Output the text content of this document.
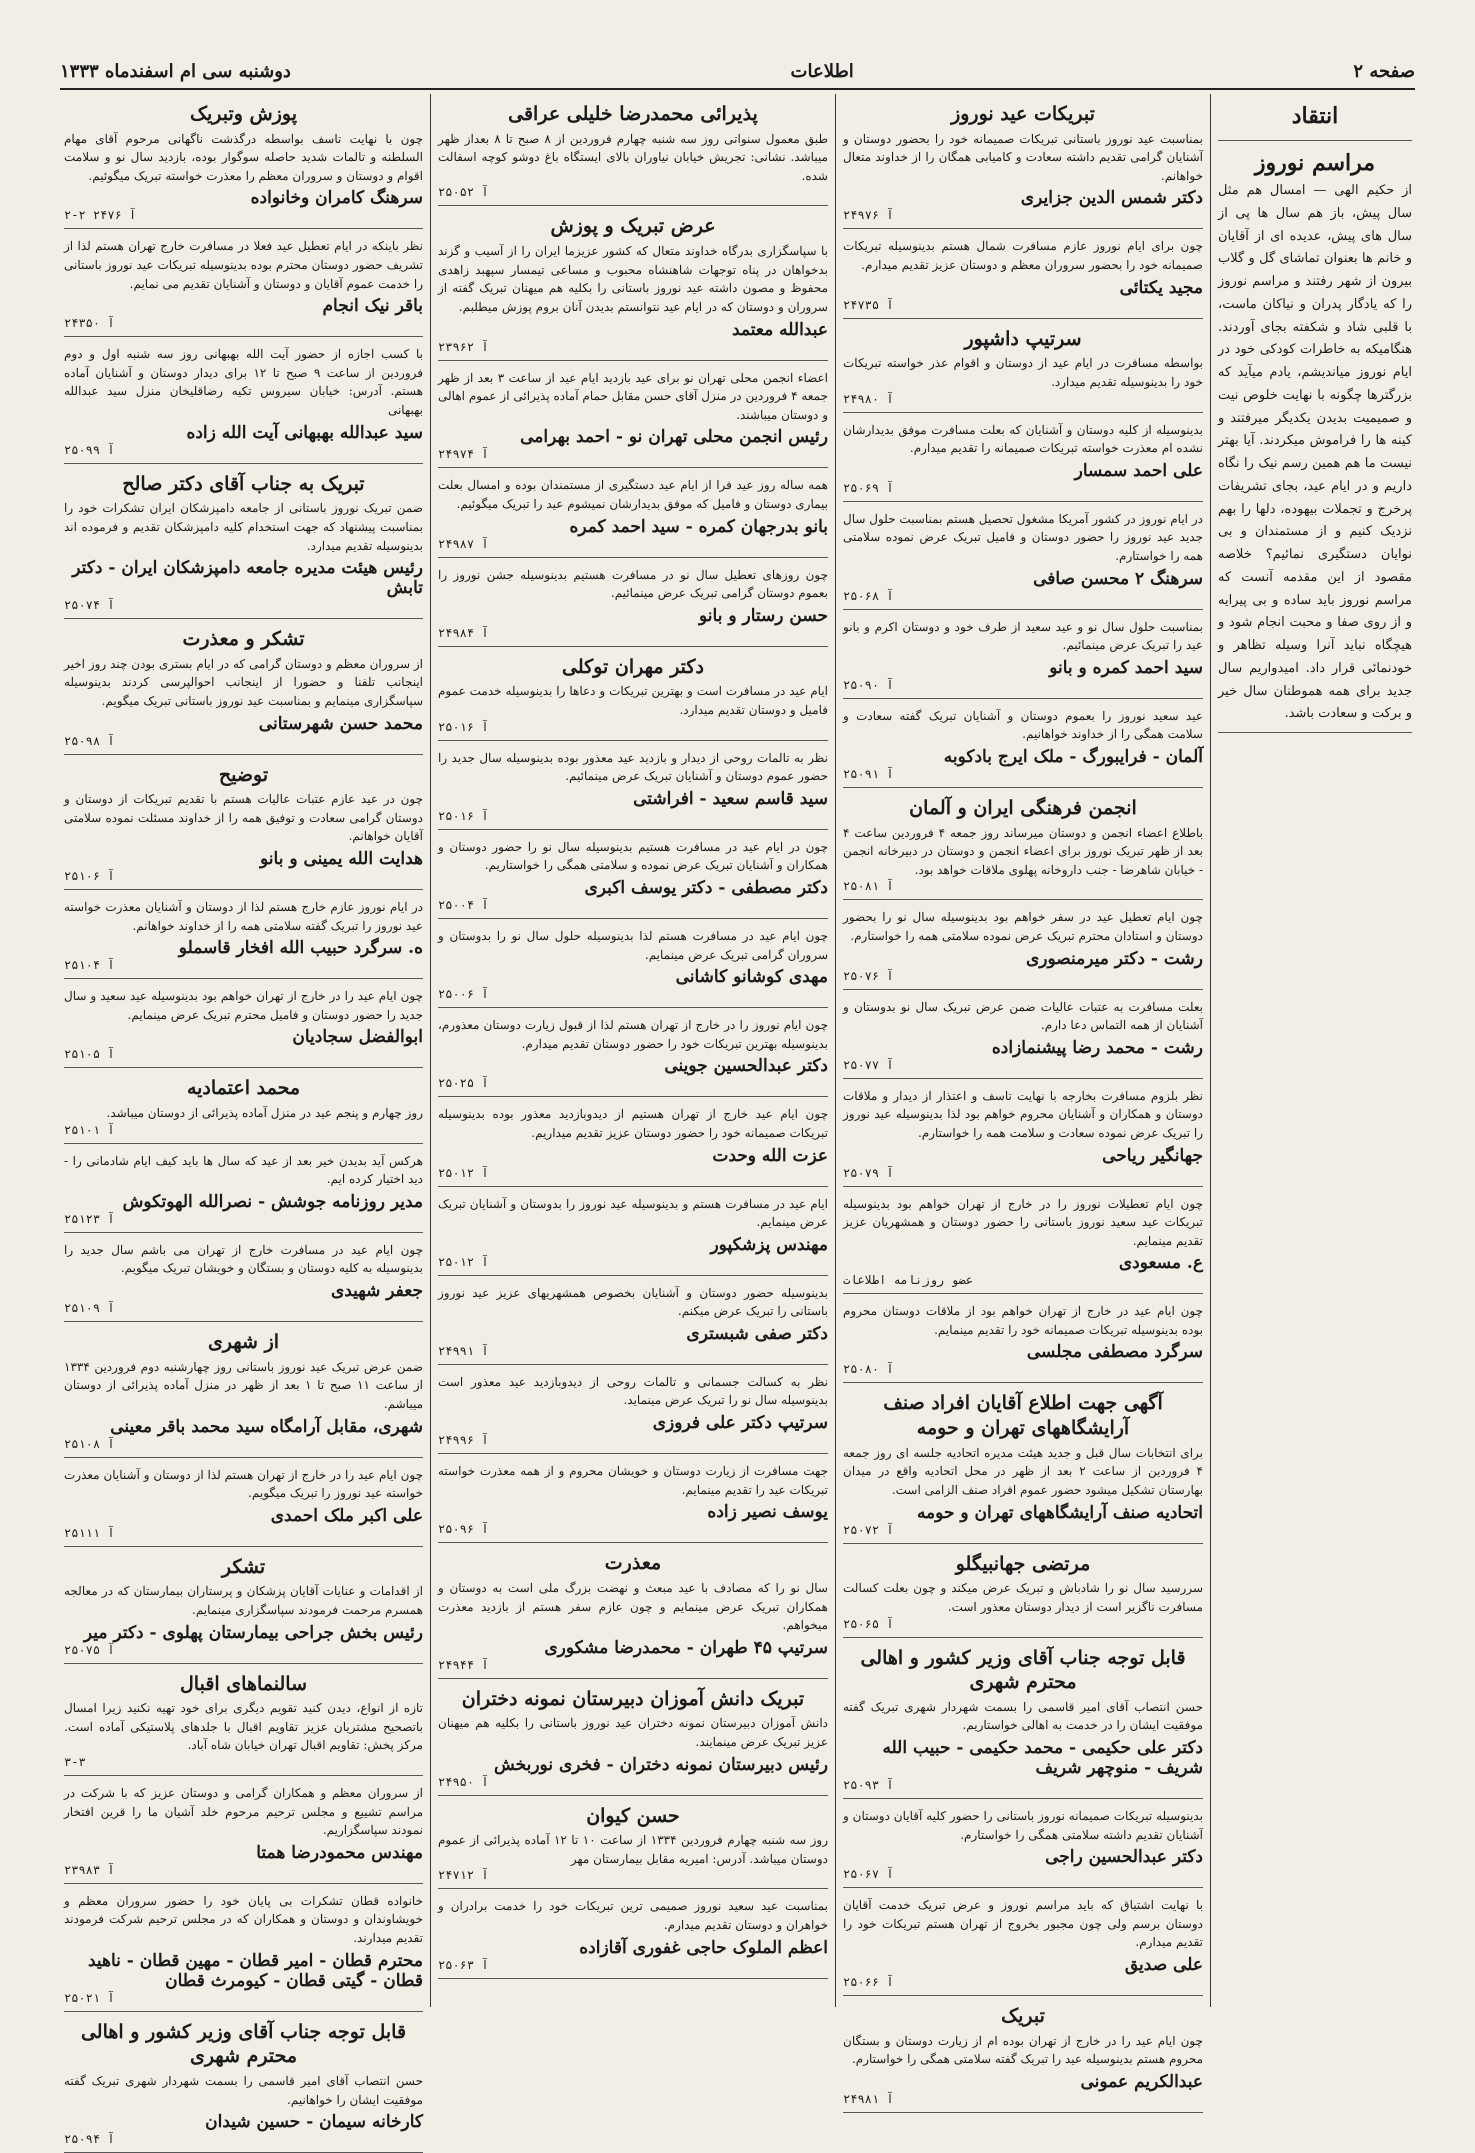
صفحه ۲
اطلاعات
دوشنبه سی ام اسفندماه ۱۳۳۳
انتقاد
مراسم نوروز
از حکیم الهی — امسال هم مثل سال پیش، باز هم سال ها پی از سال های پیش، عدیده ای از آقایان و خانم ها بعنوان تماشای گل و گلاب بیرون از شهر رفتند و مراسم نوروز را که یادگار پدران و نیاکان ماست، با قلبی شاد و شکفته بجای آوردند. هنگامیکه به خاطرات کودکی خود در ایام نوروز میاندیشم، یادم میآید که بزرگترها چگونه با نهایت خلوص نیت و صمیمیت بدیدن یکدیگر میرفتند و کینه ها را فراموش میکردند. آیا بهتر نیست ما هم همین رسم نیک را نگاه داریم و در ایام عید، بجای تشریفات پرخرج و تجملات بیهوده، دلها را بهم نزدیک کنیم و از مستمندان و بی نوایان دستگیری نمائیم؟ خلاصه مقصود از این مقدمه آنست که مراسم نوروز باید ساده و بی پیرایه و از روی صفا و محبت انجام شود و هیچگاه نباید آنرا وسیله تظاهر و خودنمائی قرار داد. امیدواریم سال جدید برای همه هموطنان سال خیر و برکت و سعادت باشد.
تبریکات عید نوروز
بمناسبت عید نوروز باستانی تبریکات صمیمانه خود را بحضور دوستان و آشنایان گرامی تقدیم داشته سعادت و کامیابی همگان را از خداوند متعال خواهانم.
دکتر شمس الدین جزایری
آ ۲۴۹۷۶
چون برای ایام نوروز عازم مسافرت شمال هستم بدینوسیله تبریکات صمیمانه خود را بحضور سروران معظم و دوستان عزیز تقدیم میدارم.
مجید یکتائی
آ ۲۴۷۳۵
سرتیپ داشپور
بواسطه مسافرت در ایام عید از دوستان و اقوام عذر خواسته تبریکات خود را بدینوسیله تقدیم میدارد.
آ ۲۴۹۸۰
بدینوسیله از کلیه دوستان و آشنایان که بعلت مسافرت موفق بدیدارشان نشده ام معذرت خواسته تبریکات صمیمانه را تقدیم میدارم.
علی احمد سمسار
آ ۲۵۰۶۹
در ایام نوروز در کشور آمریکا مشغول تحصیل هستم بمناسبت حلول سال جدید عید نوروز را حضور دوستان و فامیل تبریک عرض نموده سلامتی همه را خواستارم.
سرهنگ ۲ محسن صافی
آ ۲۵۰۶۸
بمناسبت حلول سال نو و عید سعید از طرف خود و دوستان اکرم و بانو عید را تبریک عرض مینمائیم.
سید احمد کمره و بانو
آ ۲۵۰۹۰
عید سعید نوروز را بعموم دوستان و آشنایان تبریک گفته سعادت و سلامت همگی را از خداوند خواهانیم.
آلمان - فرایبورگ - ملک ایرج بادکوبه
آ ۲۵۰۹۱
انجمن فرهنگی ایران و آلمان
باطلاع اعضاء انجمن و دوستان میرساند روز جمعه ۴ فروردین ساعت ۴ بعد از ظهر تبریک نوروز برای اعضاء انجمن و دوستان در دبیرخانه انجمن - خیابان شاهرضا - جنب داروخانه پهلوی ملاقات خواهد بود.
آ ۲۵۰۸۱
چون ایام تعطیل عید در سفر خواهم بود بدینوسیله سال نو را بحضور دوستان و استادان محترم تبریک عرض نموده سلامتی همه را خواستارم.
رشت - دکتر میرمنصوری
آ ۲۵۰۷۶
بعلت مسافرت به عتبات عالیات ضمن عرض تبریک سال نو بدوستان و آشنایان از همه التماس دعا دارم.
رشت - محمد رضا پیشنمازاده
آ ۲۵۰۷۷
نظر بلزوم مسافرت بخارجه با نهایت تاسف و اعتذار از دیدار و ملاقات دوستان و همکاران و آشنایان محروم خواهم بود لذا بدینوسیله عید نوروز را تبریک عرض نموده سعادت و سلامت همه را خواستارم.
جهانگیر ریاحی
آ ۲۵۰۷۹
چون ایام تعطیلات نوروز را در خارج از تهران خواهم بود بدینوسیله تبریکات عید سعید نوروز باستانی را حضور دوستان و همشهریان عزیز تقدیم مینمایم.
ع. مسعودی
عضو روزنامه اطلاعات
چون ایام عید در خارج از تهران خواهم بود از ملاقات دوستان محروم بوده بدینوسیله تبریکات صمیمانه خود را تقدیم مینمایم.
سرگرد مصطفی مجلسی
آ ۲۵۰۸۰
آگهی جهت اطلاع آقایان افراد صنف آرایشگاههای تهران و حومه
برای انتخابات سال قبل و جدید هیئت مدیره اتحادیه جلسه ای روز جمعه ۴ فروردین از ساعت ۲ بعد از ظهر در محل اتحادیه واقع در میدان بهارستان تشکیل میشود حضور عموم افراد صنف الزامی است.
اتحادیه صنف آرایشگاههای تهران و حومه
آ ۲۵۰۷۲
مرتضی جهانبیگلو
سررسید سال نو را شادباش و تبریک عرض میکند و چون بعلت کسالت مسافرت ناگزیر است از دیدار دوستان معذور است.
آ ۲۵۰۶۵
قابل توجه جناب آقای وزیر کشور و اهالی محترم شهری
حسن انتصاب آقای امیر قاسمی را بسمت شهردار شهری تبریک گفته موفقیت ایشان را در خدمت به اهالی خواستاریم.
دکتر علی حکیمی - محمد حکیمی - حبیب الله شریف - منوچهر شریف
آ ۲۵۰۹۳
بدینوسیله تبریکات صمیمانه نوروز باستانی را حضور کلیه آقایان دوستان و آشنایان تقدیم داشته سلامتی همگی را خواستارم.
دکتر عبدالحسین راجی
آ ۲۵۰۶۷
با نهایت اشتیاق که باید مراسم نوروز و عرض تبریک خدمت آقایان دوستان برسم ولی چون مجبور بخروج از تهران هستم تبریکات خود را تقدیم میدارم.
علی صدیق
آ ۲۵۰۶۶
تبریک
چون ایام عید را در خارج از تهران بوده ام از زیارت دوستان و بستگان محروم هستم بدینوسیله عید را تبریک گفته سلامتی همگی را خواستارم.
عبدالکریم عمونی
آ ۲۴۹۸۱
پذیرائی محمدرضا خلیلی عراقی
طبق معمول سنواتی روز سه شنبه چهارم فروردین از ۸ صبح تا ۸ بعداز ظهر میباشد. نشانی: تجریش خیابان نیاوران بالای ایستگاه باغ دوشو کوچه اسفالت شده.
آ ۲۵۰۵۲
عرض تبریک و پوزش
با سپاسگزاری بدرگاه خداوند متعال که کشور عزیزما ایران را از آسیب و گزند بدخواهان در پناه توجهات شاهنشاه محبوب و مساعی تیمسار سپهبد زاهدی محفوظ و مصون داشته عید نوروز باستانی را بکلیه هم میهنان تبریک گفته از سروران و دوستان که در ایام عید نتوانستم بدیدن آنان بروم پوزش میطلبم.
عبدالله معتمد
آ ۲۳۹۶۲
اعضاء انجمن محلی تهران نو برای عید بازدید ایام عید از ساعت ۳ بعد از ظهر جمعه ۴ فروردین در منزل آقای حسن مقابل حمام آماده پذیرائی از عموم اهالی و دوستان میباشند.
رئیس انجمن محلی تهران نو - احمد بهرامی
آ ۲۴۹۷۴
همه ساله روز عید فرا از ایام عید دستگیری از مستمندان بوده و امسال بعلت بیماری دوستان و فامیل که موفق بدیدارشان نمیشوم عید را تبریک میگوئیم.
بانو بدرجهان کمره - سید احمد کمره
آ ۲۴۹۸۷
چون روزهای تعطیل سال نو در مسافرت هستیم بدینوسیله جشن نوروز را بعموم دوستان گرامی تبریک عرض مینمائیم.
حسن رستار و بانو
آ ۲۴۹۸۴
دکتر مهران توکلی
ایام عید در مسافرت است و بهترین تبریکات و دعاها را بدینوسیله خدمت عموم فامیل و دوستان تقدیم میدارد.
آ ۲۵۰۱۶
نظر به تالمات روحی از دیدار و بازدید عید معذور بوده بدینوسیله سال جدید را حضور عموم دوستان و آشنایان تبریک عرض مینمائیم.
سید قاسم سعید - افراشتی
آ ۲۵۰۱۶
چون در ایام عید در مسافرت هستیم بدینوسیله سال نو را حضور دوستان و همکاران و آشنایان تبریک عرض نموده و سلامتی همگی را خواستاریم.
دکتر مصطفی - دکتر یوسف اکبری
آ ۲۵۰۰۴
چون ایام عید در مسافرت هستم لذا بدینوسیله حلول سال نو را بدوستان و سروران گرامی تبریک عرض مینمایم.
مهدی کوشانو کاشانی
آ ۲۵۰۰۶
چون ایام نوروز را در خارج از تهران هستم لذا از قبول زیارت دوستان معذورم، بدینوسیله بهترین تبریکات خود را حضور دوستان تقدیم میدارم.
دکتر عبدالحسین جوینی
آ ۲۵۰۲۵
چون ایام عید خارج از تهران هستیم از دیدوبازدید معذور بوده بدینوسیله تبریکات صمیمانه خود را حضور دوستان عزیز تقدیم میداریم.
عزت الله وحدت
آ ۲۵۰۱۲
ایام عید در مسافرت هستم و بدینوسیله عید نوروز را بدوستان و آشنایان تبریک عرض مینمایم.
مهندس پزشکپور
آ ۲۵۰۱۲
بدینوسیله حضور دوستان و آشنایان بخصوص همشهریهای عزیز عید نوروز باستانی را تبریک عرض میکنم.
دکتر صفی شبستری
آ ۲۴۹۹۱
نظر به کسالت جسمانی و تالمات روحی از دیدوبازدید عید معذور است بدینوسیله سال نو را تبریک عرض مینماید.
سرتیپ دکتر علی فروزی
آ ۲۴۹۹۶
جهت مسافرت از زیارت دوستان و خویشان محروم و از همه معذرت خواسته تبریکات عید را تقدیم مینمایم.
یوسف نصیر زاده
آ ۲۵۰۹۶
معذرت
سال نو را که مصادف با عید مبعث و نهضت بزرگ ملی است به دوستان و همکاران تبریک عرض مینمایم و چون عازم سفر هستم از بازدید معذرت میخواهم.
سرتیپ ۴۵ طهران - محمدرضا مشکوری
آ ۲۴۹۴۴
تبریک دانش آموزان دبیرستان نمونه دختران
دانش آموزان دبیرستان نمونه دختران عید نوروز باستانی را بکلیه هم میهنان عزیز تبریک عرض مینمایند.
رئیس دبیرستان نمونه دختران - فخری نوربخش
آ ۲۴۹۵۰
حسن کیوان
روز سه شنبه چهارم فروردین ۱۳۳۴ از ساعت ۱۰ تا ۱۲ آماده پذیرائی از عموم دوستان میباشد. آدرس: امیریه مقابل بیمارستان مهر
آ ۲۴۷۱۲
بمناسبت عید سعید نوروز صمیمی ترین تبریکات خود را خدمت برادران و خواهران و دوستان تقدیم میدارم.
اعظم الملوک حاجی غفوری آقازاده
آ ۲۵۰۶۳
پوزش وتبریک
چون با نهایت تاسف بواسطه درگذشت ناگهانی مرحوم آقای مهام السلطنه و تالمات شدید حاصله سوگوار بوده، بازدید سال نو و سلامت اقوام و دوستان و سروران معظم را معذرت خواسته تبریک میگوئیم.
سرهنگ کامران وخانواده
۲-۲ آ ۲۴۷۶
نظر باینکه در ایام تعطیل عید فعلا در مسافرت خارج تهران هستم لذا از تشریف حضور دوستان محترم بوده بدینوسیله تبریکات عید نوروز باستانی را خدمت عموم آقایان و دوستان و آشنایان تقدیم می نمایم.
باقر نیک انجام
آ ۲۴۳۵۰
با کسب اجازه از حضور آیت الله بهبهانی روز سه شنبه اول و دوم فروردین از ساعت ۹ صبح تا ۱۲ برای دیدار دوستان و آشنایان آماده هستم. آدرس: خیابان سیروس تکیه رضاقلیخان منزل سید عبدالله بهبهانی
سید عبدالله بهبهانی آیت الله زاده
آ ۲۵۰۹۹
تبریک به جناب آقای دکتر صالح
ضمن تبریک نوروز باستانی از جامعه دامپزشکان ایران تشکرات خود را بمناسبت پیشنهاد که جهت استخدام کلیه دامپزشکان تقدیم و فرموده اند بدینوسیله تقدیم میدارد.
رئیس هیئت مدیره جامعه دامپزشکان ایران - دکتر تابش
آ ۲۵۰۷۴
تشکر و معذرت
از سروران معظم و دوستان گرامی که در ایام بستری بودن چند روز اخیر اینجانب تلفنا و حضورا از اینجانب احوالپرسی کردند بدینوسیله سپاسگزاری مینمایم و بمناسبت عید نوروز باستانی تبریک میگویم.
محمد حسن شهرستانی
آ ۲۵۰۹۸
توضیح
چون در عید عازم عتبات عالیات هستم با تقدیم تبریکات از دوستان و دوستان گرامی سعادت و توفیق همه را از خداوند مسئلت نموده سلامتی آقایان خواهانم.
هدایت الله یمینی و بانو
آ ۲۵۱۰۶
در ایام نوروز عازم خارج هستم لذا از دوستان و آشنایان معذرت خواسته عید نوروز را تبریک گفته سلامتی همه را از خداوند خواهانم.
ه. سرگرد حبیب الله افخار قاسملو
آ ۲۵۱۰۴
چون ایام عید را در خارج از تهران خواهم بود بدینوسیله عید سعید و سال جدید را حضور دوستان و فامیل محترم تبریک عرض مینمایم.
ابوالفضل سجادیان
آ ۲۵۱۰۵
محمد اعتمادیه
روز چهارم و پنجم عید در منزل آماده پذیرائی از دوستان میباشد.
آ ۲۵۱۰۱
هرکس آید بدیدن خیر بعد از عید که سال ها باید کیف ایام شادمانی را - دید اختیار کرده ایم.
مدیر روزنامه جوشش - نصرالله الهوتکوش
آ ۲۵۱۲۳
چون ایام عید در مسافرت خارج از تهران می باشم سال جدید را بدینوسیله به کلیه دوستان و بستگان و خویشان تبریک میگویم.
جعفر شهیدی
آ ۲۵۱۰۹
از شهری
ضمن عرض تبریک عید نوروز باستانی روز چهارشنبه دوم فروردین ۱۳۳۴ از ساعت ۱۱ صبح تا ۱ بعد از ظهر در منزل آماده پذیرائی از دوستان میباشم.
شهری، مقابل آرامگاه سید محمد باقر معینی
آ ۲۵۱۰۸
چون ایام عید را در خارج از تهران هستم لذا از دوستان و آشنایان معذرت خواسته عید نوروز را تبریک میگویم.
علی اکبر ملک احمدی
آ ۲۵۱۱۱
تشکر
از اقدامات و عنایات آقایان پزشکان و پرستاران بیمارستان که در معالجه همسرم مرحمت فرمودند سپاسگزاری مینمایم.
رئیس بخش جراحی بیمارستان پهلوی - دکتر میر
آ ۲۵۰۷۵
سالنماهای اقبال
تازه از انواع، دیدن کنید تقویم دیگری برای خود تهیه نکنید زیرا امسال باتصحیح مشتریان عزیز تقاویم اقبال با جلدهای پلاستیکی آماده است. مرکز پخش: تقاویم اقبال تهران خیابان شاه آباد.
۳-۳
از سروران معظم و همکاران گرامی و دوستان عزیز که با شرکت در مراسم تشییع و مجلس ترحیم مرحوم خلد آشیان ما را قرین افتخار نمودند سپاسگزاریم.
مهندس محمودرضا همتا
آ ۲۳۹۸۳
خانواده قطان تشکرات بی پایان خود را حضور سروران معظم و خویشاوندان و دوستان و همکاران که در مجلس ترحیم شرکت فرمودند تقدیم میدارند.
محترم قطان - امیر قطان - مهین قطان - ناهید قطان - گیتی قطان - کیومرث قطان
آ ۲۵۰۲۱
قابل توجه جناب آقای وزیر کشور و اهالی محترم شهری
حسن انتصاب آقای امیر قاسمی را بسمت شهردار شهری تبریک گفته موفقیت ایشان را خواهانیم.
کارخانه سیمان - حسین شیدان
آ ۲۵۰۹۴
